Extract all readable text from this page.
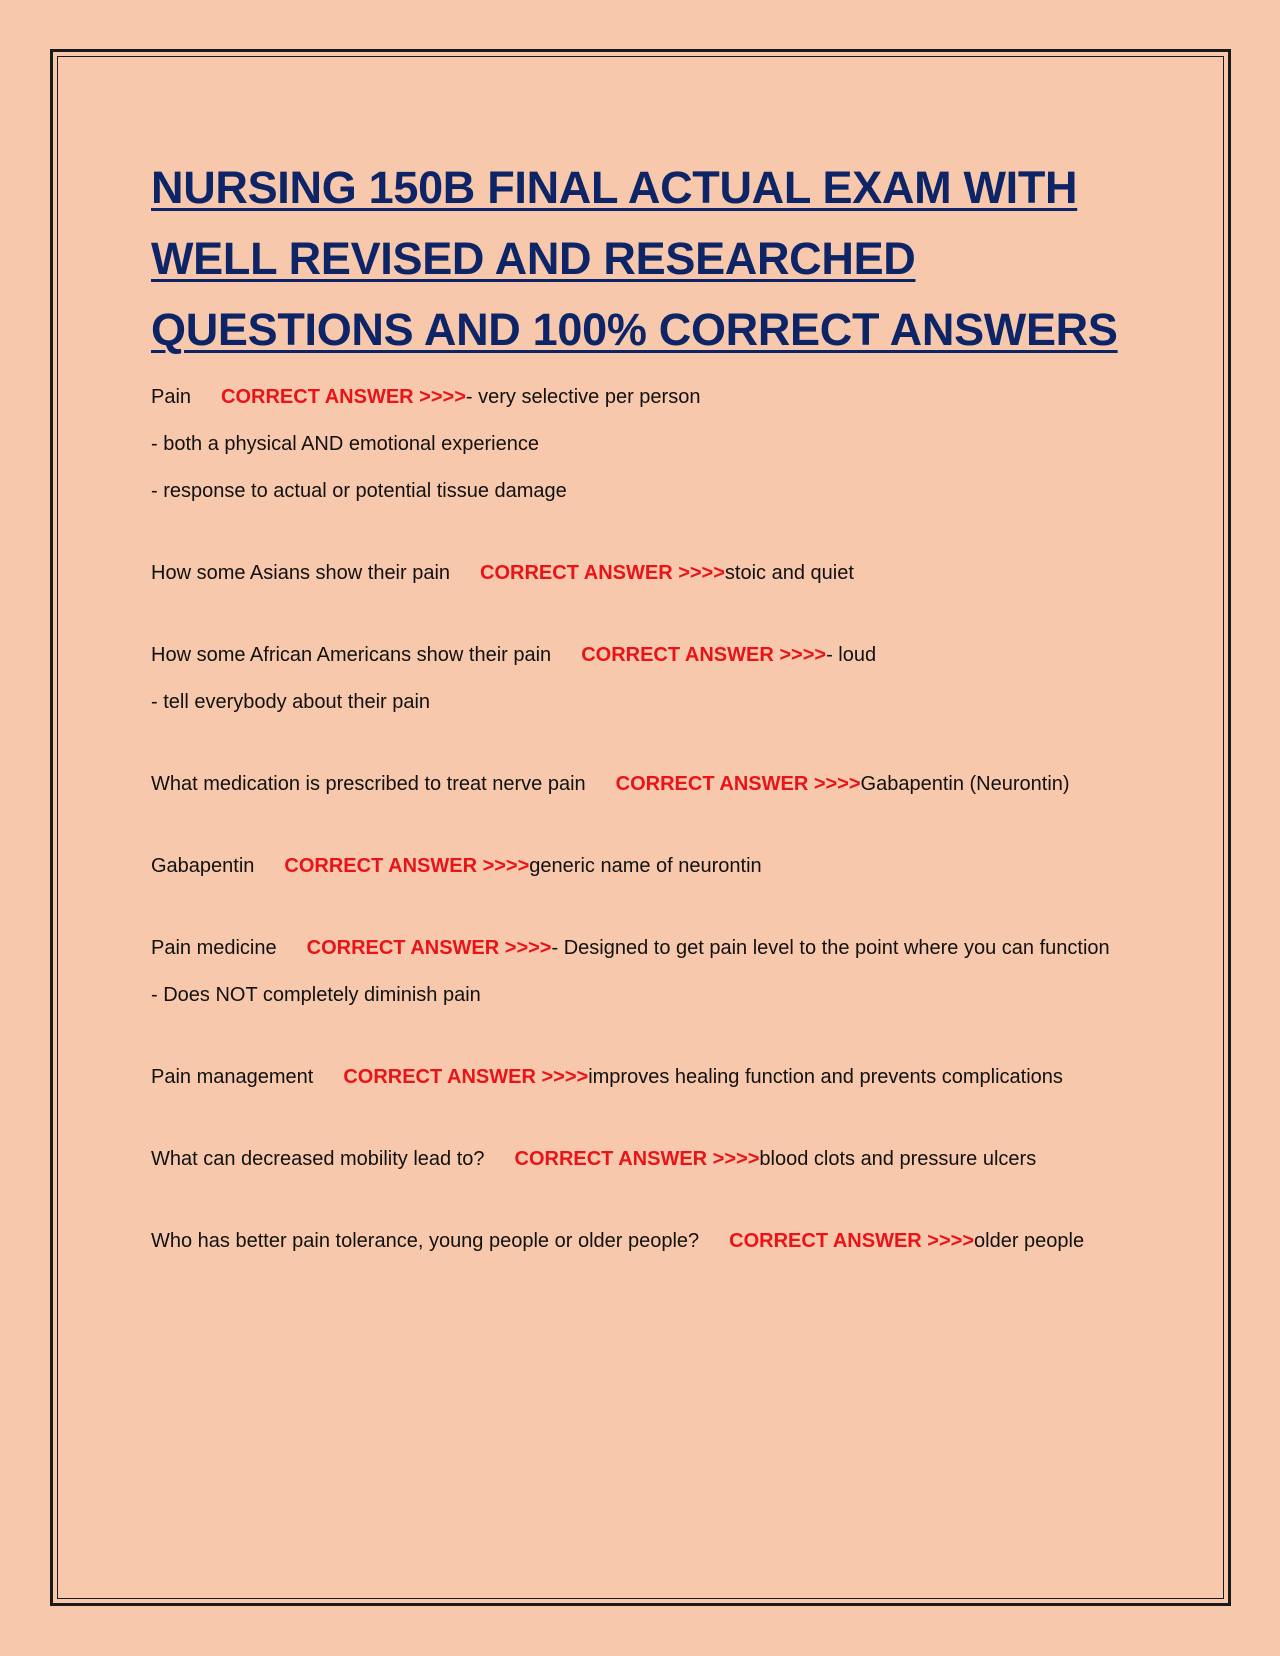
NURSING 150B FINAL ACTUAL EXAM WITH WELL REVISED AND RESEARCHED QUESTIONS AND 100% CORRECT ANSWERS

Pain CORRECT ANSWER >>>>- very selective per person

- both a physical AND emotional experience

- response to actual or potential tissue damage

How some Asians show their pain CORRECT ANSWER >>>>stoic and quiet

How some African Americans show their pain CORRECT ANSWER >>>>- loud

- tell everybody about their pain

What medication is prescribed to treat nerve pain CORRECT ANSWER >>>>Gabapentin (Neurontin)

Gabapentin CORRECT ANSWER >>>>generic name of neurontin

Pain medicine CORRECT ANSWER >>>>- Designed to get pain level to the point where you can function

- Does NOT completely diminish pain

Pain management CORRECT ANSWER >>>>improves healing function and prevents complications

What can decreased mobility lead to? CORRECT ANSWER >>>>blood clots and pressure ulcers

Who has better pain tolerance, young people or older people? CORRECT ANSWER >>>>older people
